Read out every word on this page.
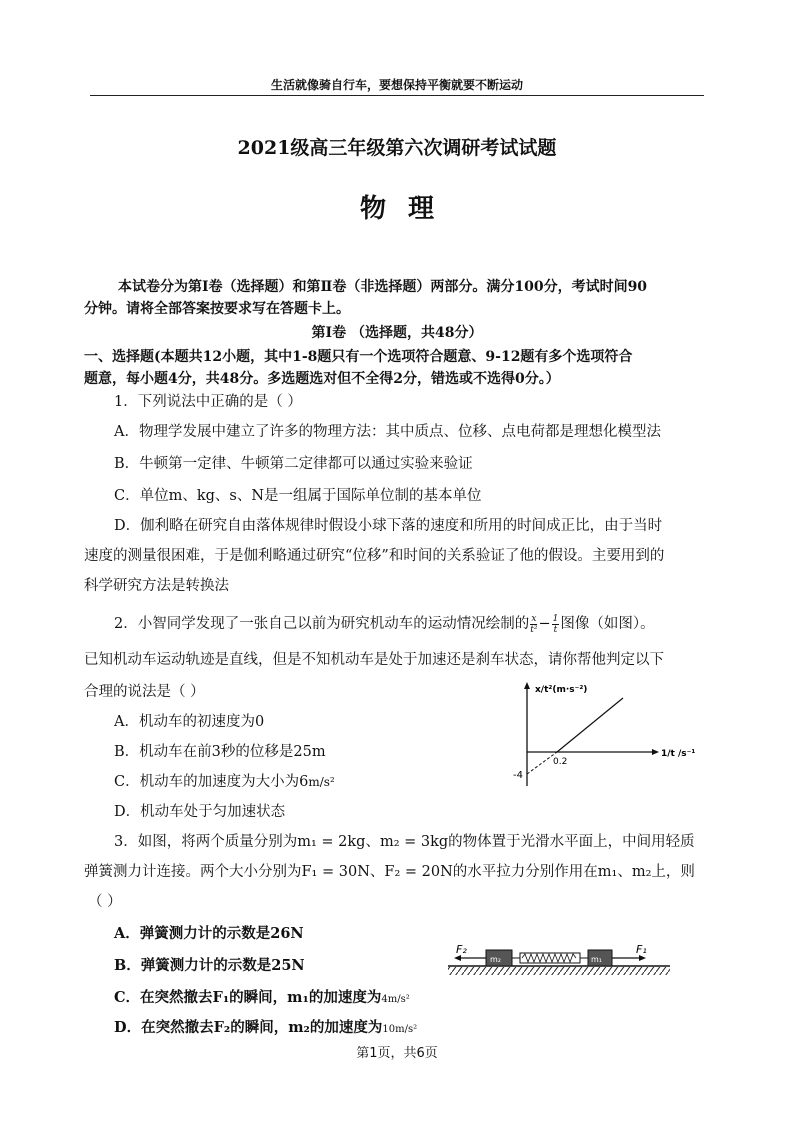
生活就像骑自行车，要想保持平衡就要不断运动
2021级高三年级第六次调研考试试题
物理
本试卷分为第Ⅰ卷（选择题）和第Ⅱ卷（非选择题）两部分。满分100分，考试时间90
分钟。请将全部答案按要求写在答题卡上。
第Ⅰ卷 （选择题，共48分）
一、选择题(本题共12小题，其中1-8题只有一个选项符合题意、9-12题有多个选项符合
题意，每小题4分，共48分。多选题选对但不全得2分，错选或不选得0分。）
1．下列说法中正确的是（ ）
A．物理学发展中建立了许多的物理方法：其中质点、位移、点电荷都是理想化模型法
B．牛顿第一定律、牛顿第二定律都可以通过实验来验证
C．单位m、kg、s、N是一组属于国际单位制的基本单位
D．伽利略在研究自由落体规律时假设小球下落的速度和所用的时间成正比，由于当时
速度的测量很困难，于是伽利略通过研究“位移”和时间的关系验证了他的假设。主要用到的
科学研究方法是转换法
2．小智同学发现了一张自己以前为研究机动车的运动情况绘制的 $\frac{x}{\text{t²}} - \frac{1}{t}$ 图像（如图）。
已知机动车运动轨迹是直线，但是不知机动车是处于加速还是刹车状态，请你帮他判定以下
合理的说法是（ ）
A．机动车的初速度为0
B．机动车在前3秒的位移是25m
C．机动车的加速度为大小为6m/s²
D．机动车处于匀加速状态
x/t²(m·s⁻²)
1/t /s⁻¹
0.2
-4
3．如图，将两个质量分别为m₁ = 2kg、m₂ = 3kg的物体置于光滑水平面上，中间用轻质
弹簧测力计连接。两个大小分别为F₁ = 30N、F₂ = 20N的水平拉力分别作用在m₁、m₂上，则
（ ）
A．弹簧测力计的示数是26N
B．弹簧测力计的示数是25N
C．在突然撤去F₁的瞬间，m₁的加速度为4m/s²
D．在突然撤去F₂的瞬间，m₂的加速度为10m/s²
F₂
m₂	m₁
F₁
第1页，共6页
